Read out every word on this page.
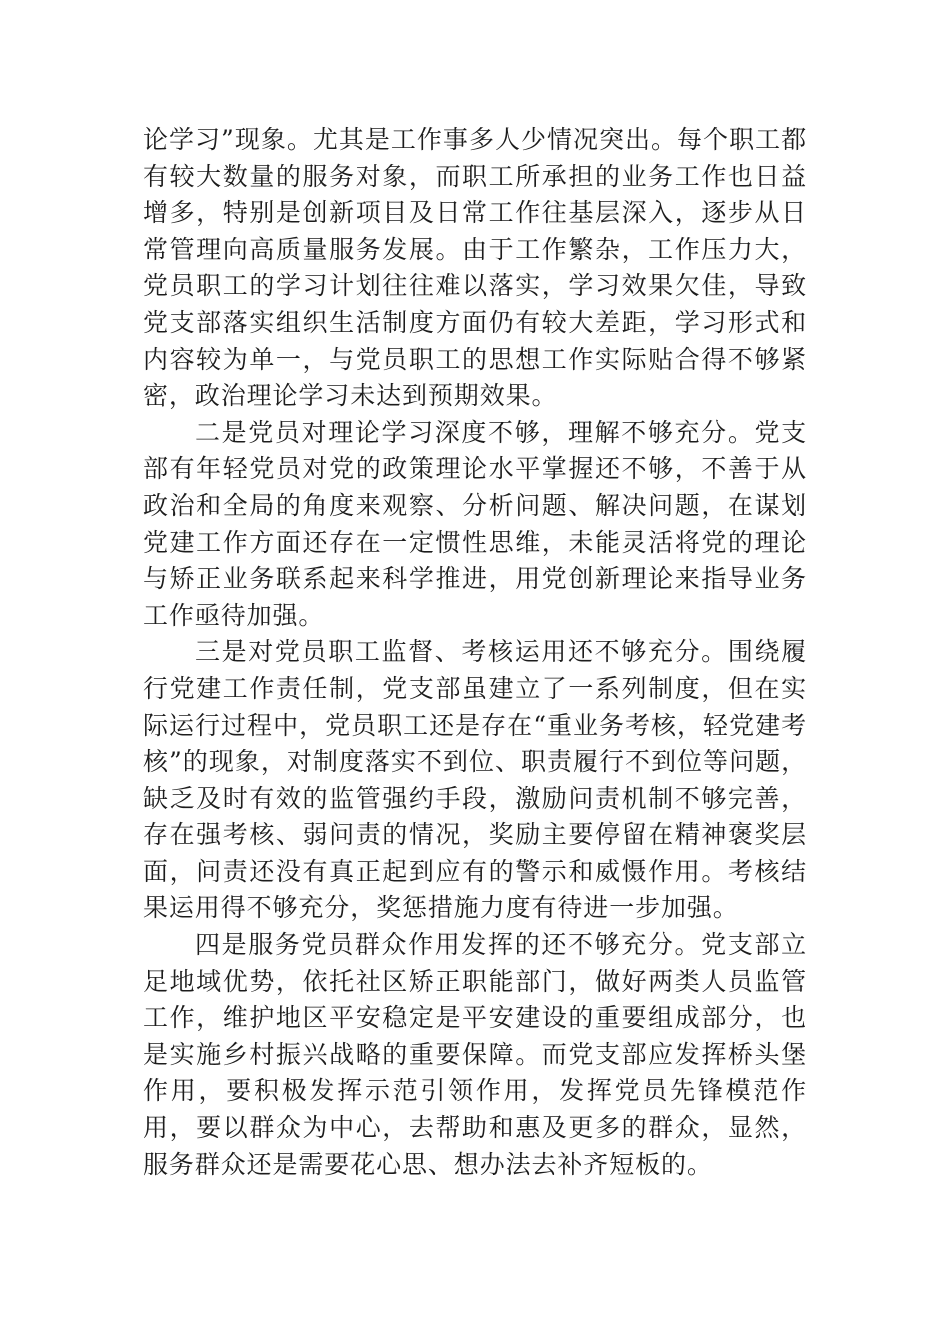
论学习”现象。尤其是工作事多人少情况突出。每个职工都有较大数量的服务对象，而职工所承担的业务工作也日益增多，特别是创新项目及日常工作往基层深入，逐步从日常管理向高质量服务发展。由于工作繁杂，工作压力大，党员职工的学习计划往往难以落实，学习效果欠佳，导致党支部落实组织生活制度方面仍有较大差距，学习形式和内容较为单一，与党员职工的思想工作实际贴合得不够紧密，政治理论学习未达到预期效果。

二是党员对理论学习深度不够，理解不够充分。党支部有年轻党员对党的政策理论水平掌握还不够，不善于从政治和全局的角度来观察、分析问题、解决问题，在谋划党建工作方面还存在一定惯性思维，未能灵活将党的理论与矫正业务联系起来科学推进，用党创新理论来指导业务工作亟待加强。

三是对党员职工监督、考核运用还不够充分。围绕履行党建工作责任制，党支部虽建立了一系列制度，但在实际运行过程中，党员职工还是存在“重业务考核，轻党建考核”的现象，对制度落实不到位、职责履行不到位等问题，缺乏及时有效的监管强约手段，激励问责机制不够完善，存在强考核、弱问责的情况，奖励主要停留在精神褒奖层面，问责还没有真正起到应有的警示和威慑作用。考核结果运用得不够充分，奖惩措施力度有待进一步加强。

四是服务党员群众作用发挥的还不够充分。党支部立足地域优势，依托社区矫正职能部门，做好两类人员监管工作，维护地区平安稳定是平安建设的重要组成部分，也是实施乡村振兴战略的重要保障。而党支部应发挥桥头堡作用，要积极发挥示范引领作用，发挥党员先锋模范作用，要以群众为中心，去帮助和惠及更多的群众，显然，服务群众还是需要花心思、想办法去补齐短板的。
